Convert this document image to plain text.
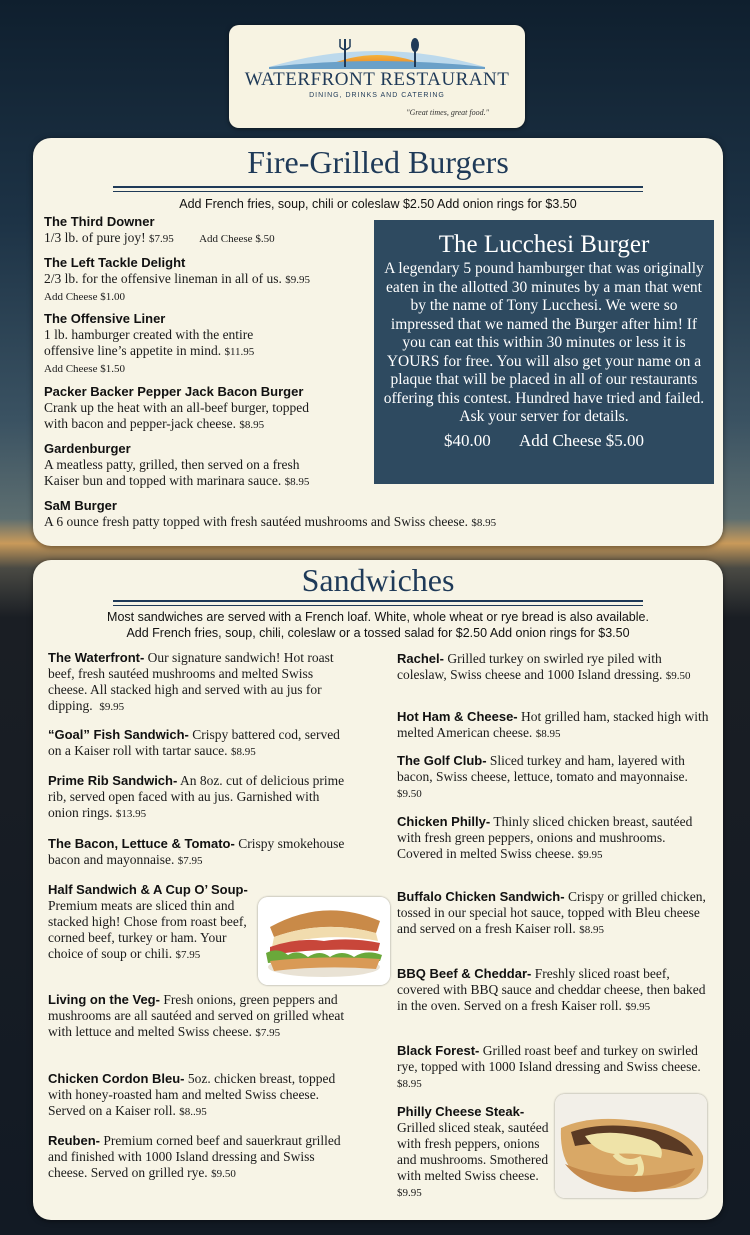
WATERFRONT RESTAURANT
DINING, DRINKS AND CATERING
"Great times, great food."
Fire-Grilled Burgers
Add French fries, soup, chili or coleslaw $2.50 Add onion rings for $3.50
The Third Downer
1/3 lb. of pure joy! $7.95 Add Cheese $.50
The Left Tackle Delight
2/3 lb. for the offensive lineman in all of us. $9.95
Add Cheese $1.00
The Offensive Liner
1 lb. hamburger created with the entire
offensive line’s appetite in mind. $11.95
Add Cheese $1.50
Packer Backer Pepper Jack Bacon Burger
Crank up the heat with an all-beef burger, topped
with bacon and pepper-jack cheese. $8.95
Gardenburger
A meatless patty, grilled, then served on a fresh
Kaiser bun and topped with marinara sauce. $8.95
SaM Burger
A 6 ounce fresh patty topped with fresh sautéed mushrooms and Swiss cheese. $8.95
The Lucchesi Burger
A legendary 5 pound hamburger that was originally eaten in the allotted 30 minutes by a man that went by the name of Tony Lucchesi. We were so impressed that we named the Burger after him! If you can eat this within 30 minutes or less it is YOURS for free. You will also get your name on a plaque that will be placed in all of our restaurants offering this contest. Hundred have tried and failed. Ask your server for details.
$40.00 Add Cheese $5.00
Sandwiches
Most sandwiches are served with a French loaf. White, whole wheat or rye bread is also available.
Add French fries, soup, chili, coleslaw or a tossed salad for $2.50 Add onion rings for $3.50
The Waterfront- Our signature sandwich! Hot roast beef, fresh sautéed mushrooms and melted Swiss cheese. All stacked high and served with au jus for dipping. $9.95
“Goal” Fish Sandwich- Crispy battered cod, served on a Kaiser roll with tartar sauce. $8.95
Prime Rib Sandwich- An 8oz. cut of delicious prime rib, served open faced with au jus. Garnished with onion rings. $13.95
The Bacon, Lettuce & Tomato- Crispy smokehouse bacon and mayonnaise. $7.95
Half Sandwich & A Cup O’ Soup- Premium meats are sliced thin and stacked high! Chose from roast beef, corned beef, turkey or ham. Your choice of soup or chili. $7.95
Living on the Veg- Fresh onions, green peppers and mushrooms are all sautéed and served on grilled wheat with lettuce and melted Swiss cheese. $7.95
Chicken Cordon Bleu- 5oz. chicken breast, topped with honey-roasted ham and melted Swiss cheese. Served on a Kaiser roll. $8..95
Reuben- Premium corned beef and sauerkraut grilled and finished with 1000 Island dressing and Swiss cheese. Served on grilled rye. $9.50
Rachel- Grilled turkey on swirled rye piled with coleslaw, Swiss cheese and 1000 Island dressing. $9.50
Hot Ham & Cheese- Hot grilled ham, stacked high with melted American cheese. $8.95
The Golf Club- Sliced turkey and ham, layered with bacon, Swiss cheese, lettuce, tomato and mayonnaise. $9.50
Chicken Philly- Thinly sliced chicken breast, sautéed with fresh green peppers, onions and mushrooms. Covered in melted Swiss cheese. $9.95
Buffalo Chicken Sandwich- Crispy or grilled chicken, tossed in our special hot sauce, topped with Bleu cheese and served on a fresh Kaiser roll. $8.95
BBQ Beef & Cheddar- Freshly sliced roast beef, covered with BBQ sauce and cheddar cheese, then baked in the oven. Served on a fresh Kaiser roll. $9.95
Black Forest- Grilled roast beef and turkey on swirled rye, topped with 1000 Island dressing and Swiss cheese. $8.95
Philly Cheese Steak- Grilled sliced steak, sautéed with fresh peppers, onions and mushrooms. Smothered with melted Swiss cheese. $9.95
